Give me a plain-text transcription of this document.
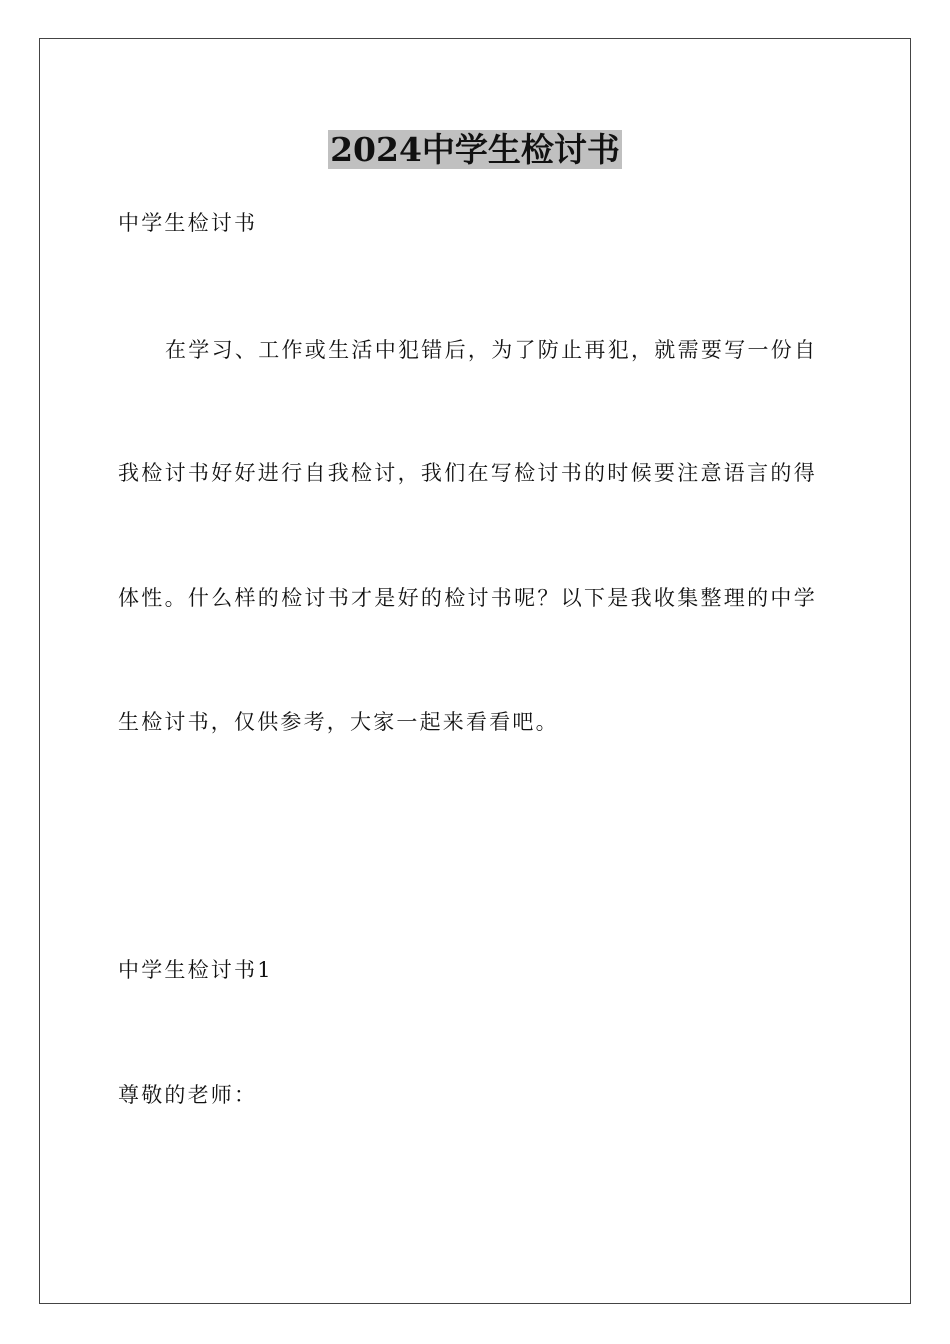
2024中学生检讨书

中学生检讨书

在学习、工作或生活中犯错后，为了防止再犯，就需要写一份自

我检讨书好好进行自我检讨，我们在写检讨书的时候要注意语言的得

体性。什么样的检讨书才是好的检讨书呢？以下是我收集整理的中学

生检讨书，仅供参考，大家一起来看看吧。

中学生检讨书1

尊敬的老师：
